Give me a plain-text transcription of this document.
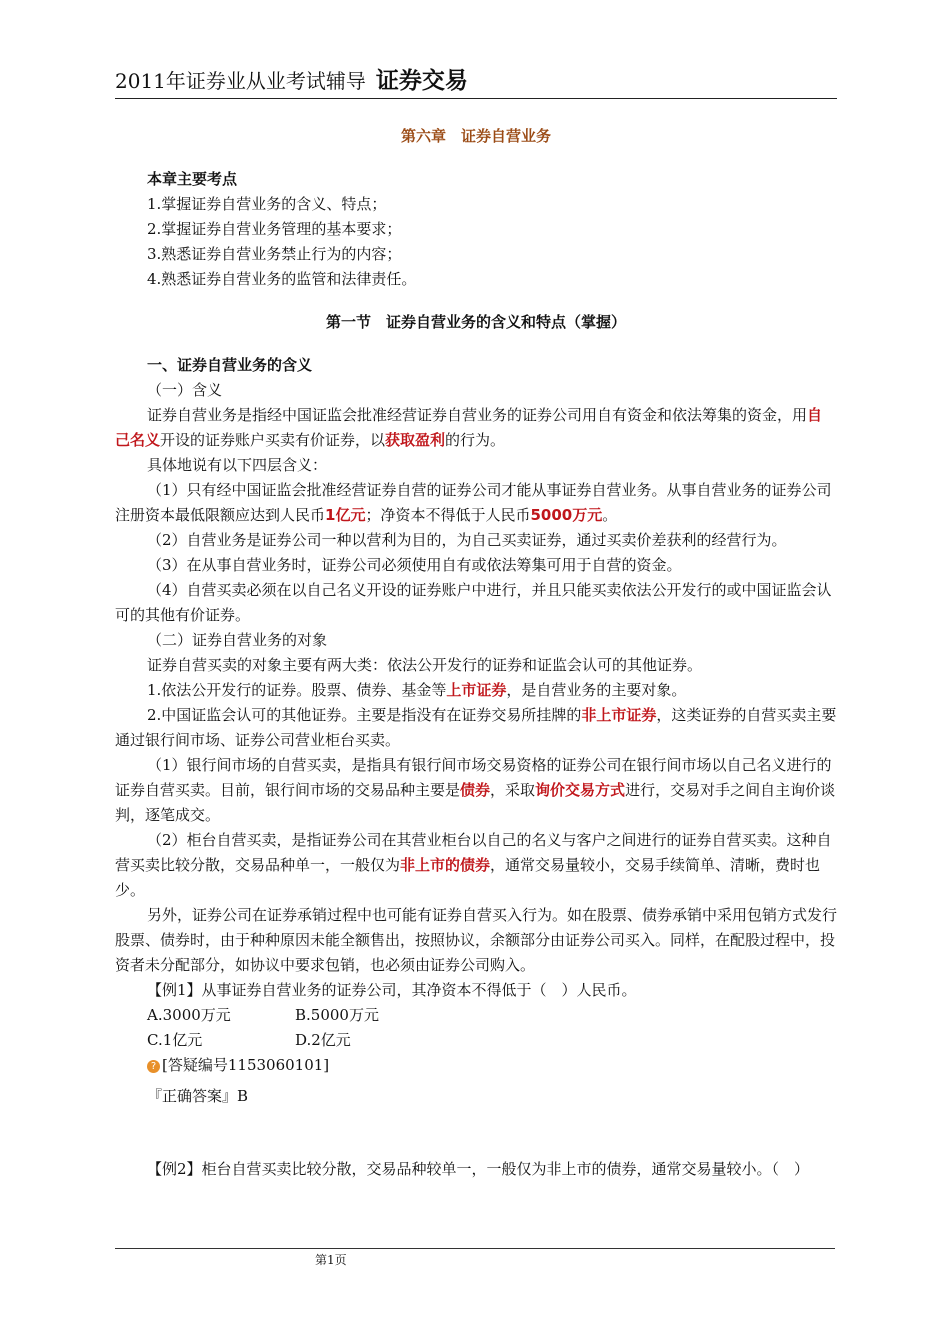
2011年证券业从业考试辅导 证券交易
第六章　证券自营业务
本章主要考点
1.掌握证券自营业务的含义、特点；
2.掌握证券自营业务管理的基本要求；
3.熟悉证券自营业务禁止行为的内容；
4.熟悉证券自营业务的监管和法律责任。
第一节　证券自营业务的含义和特点（掌握）
一、证券自营业务的含义
（一）含义
证券自营业务是指经中国证监会批准经营证券自营业务的证券公司用自有资金和依法筹集的资金，用自己名义开设的证券账户买卖有价证券，以获取盈利的行为。
具体地说有以下四层含义：
（1）只有经中国证监会批准经营证券自营的证券公司才能从事证券自营业务。从事自营业务的证券公司注册资本最低限额应达到人民币1亿元；净资本不得低于人民币5000万元。
（2）自营业务是证券公司一种以营利为目的，为自己买卖证券，通过买卖价差获利的经营行为。
（3）在从事自营业务时，证券公司必须使用自有或依法筹集可用于自营的资金。
（4）自营买卖必须在以自己名义开设的证券账户中进行，并且只能买卖依法公开发行的或中国证监会认可的其他有价证券。
（二）证券自营业务的对象
证券自营买卖的对象主要有两大类：依法公开发行的证券和证监会认可的其他证券。
1.依法公开发行的证券。股票、债券、基金等上市证券，是自营业务的主要对象。
2.中国证监会认可的其他证券。主要是指没有在证券交易所挂牌的非上市证券，这类证券的自营买卖主要通过银行间市场、证券公司营业柜台买卖。
（1）银行间市场的自营买卖，是指具有银行间市场交易资格的证券公司在银行间市场以自己名义进行的证券自营买卖。目前，银行间市场的交易品种主要是债券，采取询价交易方式进行，交易对手之间自主询价谈判，逐笔成交。
（2）柜台自营买卖，是指证券公司在其营业柜台以自己的名义与客户之间进行的证券自营买卖。这种自营买卖比较分散，交易品种单一，一般仅为非上市的债券，通常交易量较小，交易手续简单、清晰，费时也少。
另外，证券公司在证券承销过程中也可能有证券自营买入行为。如在股票、债券承销中采用包销方式发行股票、债券时，由于种种原因未能全额售出，按照协议，余额部分由证券公司买入。同样，在配股过程中，投资者未分配部分，如协议中要求包销，也必须由证券公司购入。
【例1】从事证券自营业务的证券公司，其净资本不得低于（　）人民币。
A.3000万元	B.5000万元
C.1亿元	D.2亿元
? [答疑编号1153060101]
『正确答案』B
【例2】柜台自营买卖比较分散，交易品种较单一，一般仅为非上市的债券，通常交易量较小。（　）
第1页
